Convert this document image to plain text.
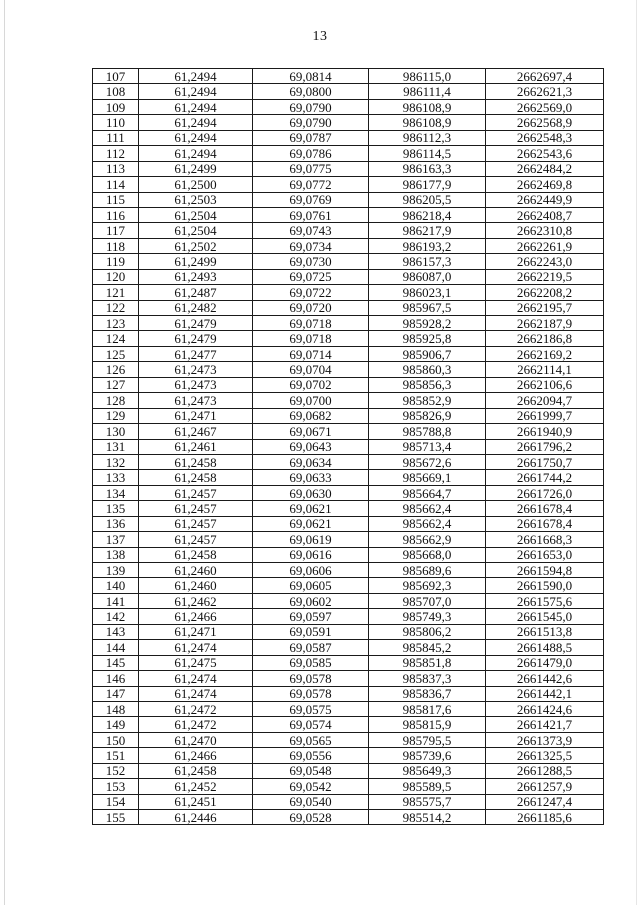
13
107	61,2494	69,0814	986115,0	2662697,4
108	61,2494	69,0800	986111,4	2662621,3
109	61,2494	69,0790	986108,9	2662569,0
110	61,2494	69,0790	986108,9	2662568,9
111	61,2494	69,0787	986112,3	2662548,3
112	61,2494	69,0786	986114,5	2662543,6
113	61,2499	69,0775	986163,3	2662484,2
114	61,2500	69,0772	986177,9	2662469,8
115	61,2503	69,0769	986205,5	2662449,9
116	61,2504	69,0761	986218,4	2662408,7
117	61,2504	69,0743	986217,9	2662310,8
118	61,2502	69,0734	986193,2	2662261,9
119	61,2499	69,0730	986157,3	2662243,0
120	61,2493	69,0725	986087,0	2662219,5
121	61,2487	69,0722	986023,1	2662208,2
122	61,2482	69,0720	985967,5	2662195,7
123	61,2479	69,0718	985928,2	2662187,9
124	61,2479	69,0718	985925,8	2662186,8
125	61,2477	69,0714	985906,7	2662169,2
126	61,2473	69,0704	985860,3	2662114,1
127	61,2473	69,0702	985856,3	2662106,6
128	61,2473	69,0700	985852,9	2662094,7
129	61,2471	69,0682	985826,9	2661999,7
130	61,2467	69,0671	985788,8	2661940,9
131	61,2461	69,0643	985713,4	2661796,2
132	61,2458	69,0634	985672,6	2661750,7
133	61,2458	69,0633	985669,1	2661744,2
134	61,2457	69,0630	985664,7	2661726,0
135	61,2457	69,0621	985662,4	2661678,4
136	61,2457	69,0621	985662,4	2661678,4
137	61,2457	69,0619	985662,9	2661668,3
138	61,2458	69,0616	985668,0	2661653,0
139	61,2460	69,0606	985689,6	2661594,8
140	61,2460	69,0605	985692,3	2661590,0
141	61,2462	69,0602	985707,0	2661575,6
142	61,2466	69,0597	985749,3	2661545,0
143	61,2471	69,0591	985806,2	2661513,8
144	61,2474	69,0587	985845,2	2661488,5
145	61,2475	69,0585	985851,8	2661479,0
146	61,2474	69,0578	985837,3	2661442,6
147	61,2474	69,0578	985836,7	2661442,1
148	61,2472	69,0575	985817,6	2661424,6
149	61,2472	69,0574	985815,9	2661421,7
150	61,2470	69,0565	985795,5	2661373,9
151	61,2466	69,0556	985739,6	2661325,5
152	61,2458	69,0548	985649,3	2661288,5
153	61,2452	69,0542	985589,5	2661257,9
154	61,2451	69,0540	985575,7	2661247,4
155	61,2446	69,0528	985514,2	2661185,6
